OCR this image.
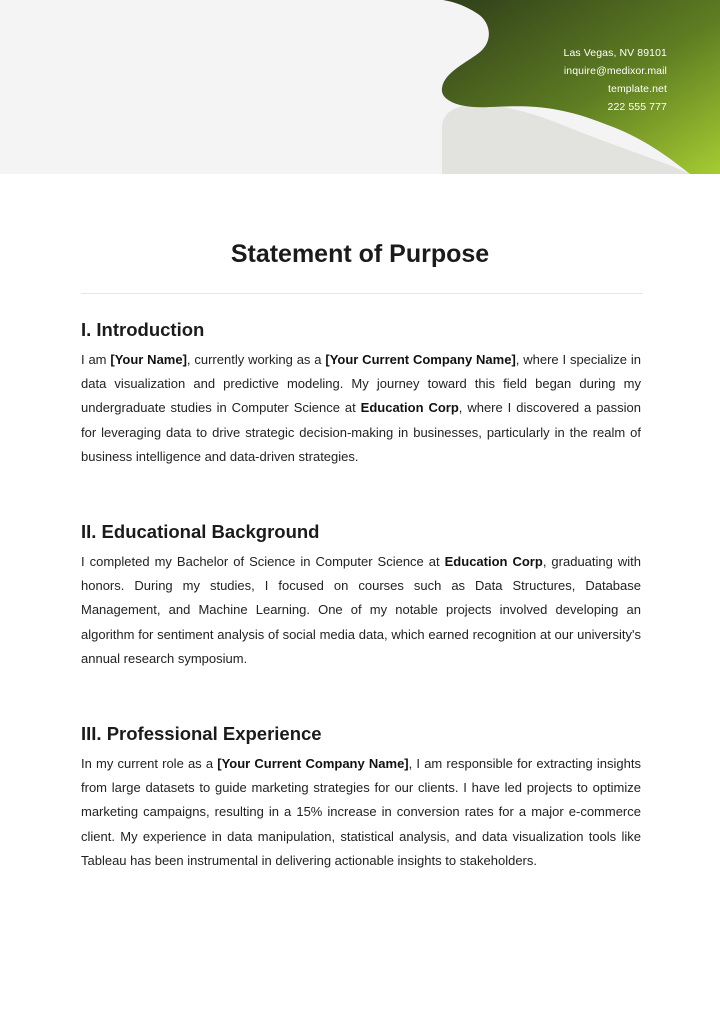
Las Vegas, NV 89101
inquire@medixor.mail
template.net
222 555 777
Statement of Purpose
I. Introduction

I am [Your Name], currently working as a [Your Current Company Name], where I specialize in data visualization and predictive modeling. My journey toward this field began during my undergraduate studies in Computer Science at Education Corp, where I discovered a passion for leveraging data to drive strategic decision-making in businesses, particularly in the realm of business intelligence and data-driven strategies.

II. Educational Background

I completed my Bachelor of Science in Computer Science at Education Corp, graduating with honors. During my studies, I focused on courses such as Data Structures, Database Management, and Machine Learning. One of my notable projects involved developing an algorithm for sentiment analysis of social media data, which earned recognition at our university's annual research symposium.

III. Professional Experience

In my current role as a [Your Current Company Name], I am responsible for extracting insights from large datasets to guide marketing strategies for our clients. I have led projects to optimize marketing campaigns, resulting in a 15% increase in conversion rates for a major e-commerce client. My experience in data manipulation, statistical analysis, and data visualization tools like Tableau has been instrumental in delivering actionable insights to stakeholders.
